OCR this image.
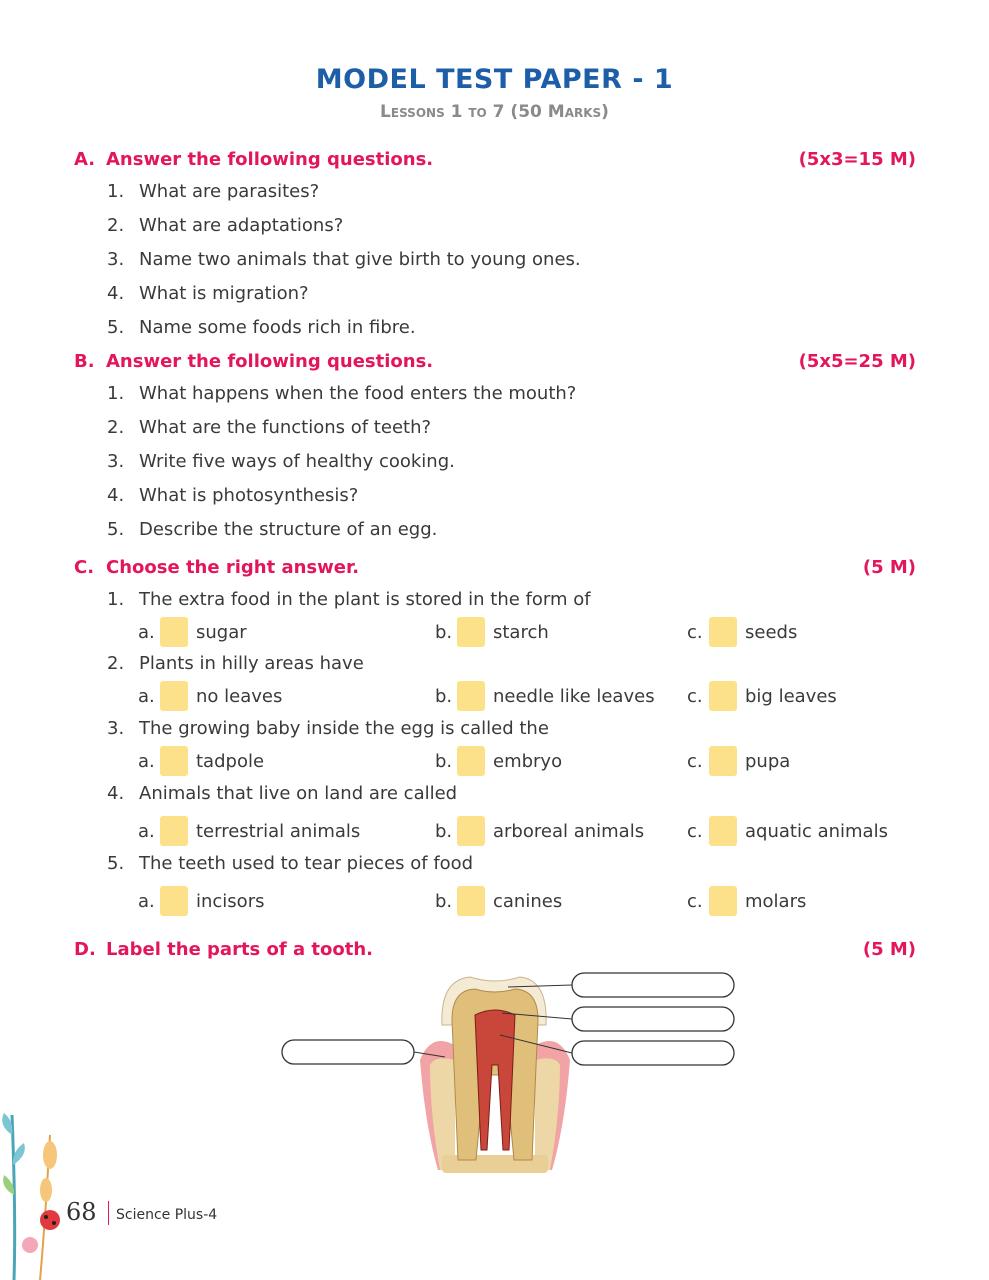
MODEL TEST PAPER - 1
Lessons 1 to 7 (50 Marks)
A. Answer the following questions.	(5x3=15 M)
1. What are parasites?
2. What are adaptations?
3. Name two animals that give birth to young ones.
4. What is migration?
5. Name some foods rich in fibre.
B. Answer the following questions.	(5x5=25 M)
1. What happens when the food enters the mouth?
2. What are the functions of teeth?
3. Write five ways of healthy cooking.
4. What is photosynthesis?
5. Describe the structure of an egg.
C. Choose the right answer.	(5 M)
1. The extra food in the plant is stored in the form of
a. sugar	b. starch	c. seeds
2. Plants in hilly areas have
a. no leaves	b. needle like leaves c. big leaves
3. The growing baby inside the egg is called the
a. tadpole	b. embryo	c. pupa
4. Animals that live on land are called
a. terrestrial animals	b. arboreal animals c. aquatic animals
5. The teeth used to tear pieces of food
a. incisors	b. canines	c. molars
D. Label the parts of a tooth.	(5 M)
68 Science Plus-4
